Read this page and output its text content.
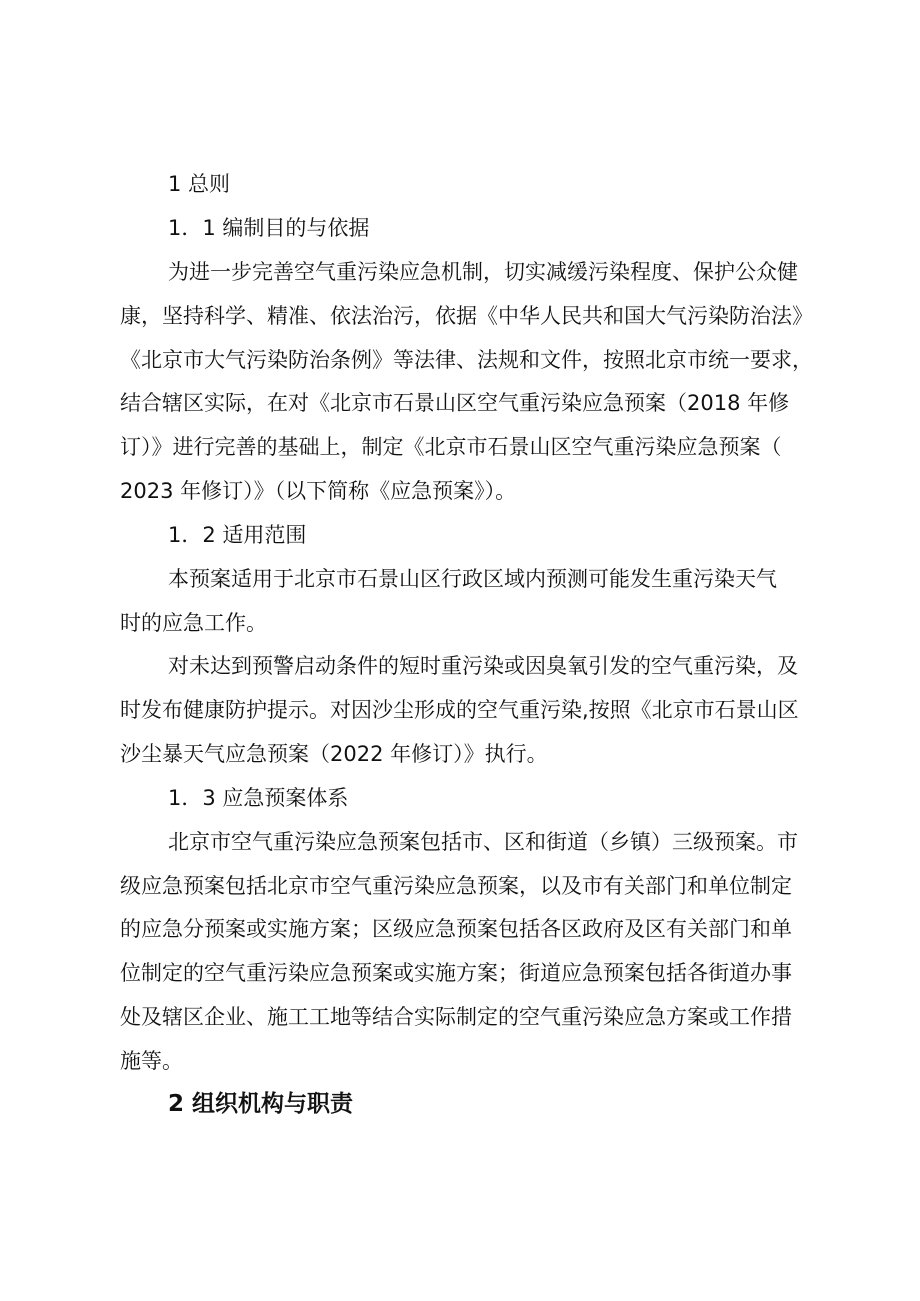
1 总则
1．1 编制目的与依据
为进一步完善空气重污染应急机制，切实减缓污染程度、保护公众健
康，坚持科学、精准、依法治污，依据《中华人民共和国大气污染防治法》
《北京市大气污染防治条例》等法律、法规和文件，按照北京市统一要求，
结合辖区实际，在对《北京市石景山区空气重污染应急预案（2018 年修
订）》进行完善的基础上，制定《北京市石景山区空气重污染应急预案（
2023 年修订）》（以下简称《应急预案》）。
1．2 适用范围
本预案适用于北京市石景山区行政区域内预测可能发生重污染天气
时的应急工作。
对未达到预警启动条件的短时重污染或因臭氧引发的空气重污染，及
时发布健康防护提示。对因沙尘形成的空气重污染,按照《北京市石景山区
沙尘暴天气应急预案（2022 年修订）》执行。
1．3 应急预案体系
北京市空气重污染应急预案包括市、区和街道（乡镇）三级预案。市
级应急预案包括北京市空气重污染应急预案，以及市有关部门和单位制定
的应急分预案或实施方案；区级应急预案包括各区政府及区有关部门和单
位制定的空气重污染应急预案或实施方案；街道应急预案包括各街道办事
处及辖区企业、施工工地等结合实际制定的空气重污染应急方案或工作措
施等。
2 组织机构与职责
